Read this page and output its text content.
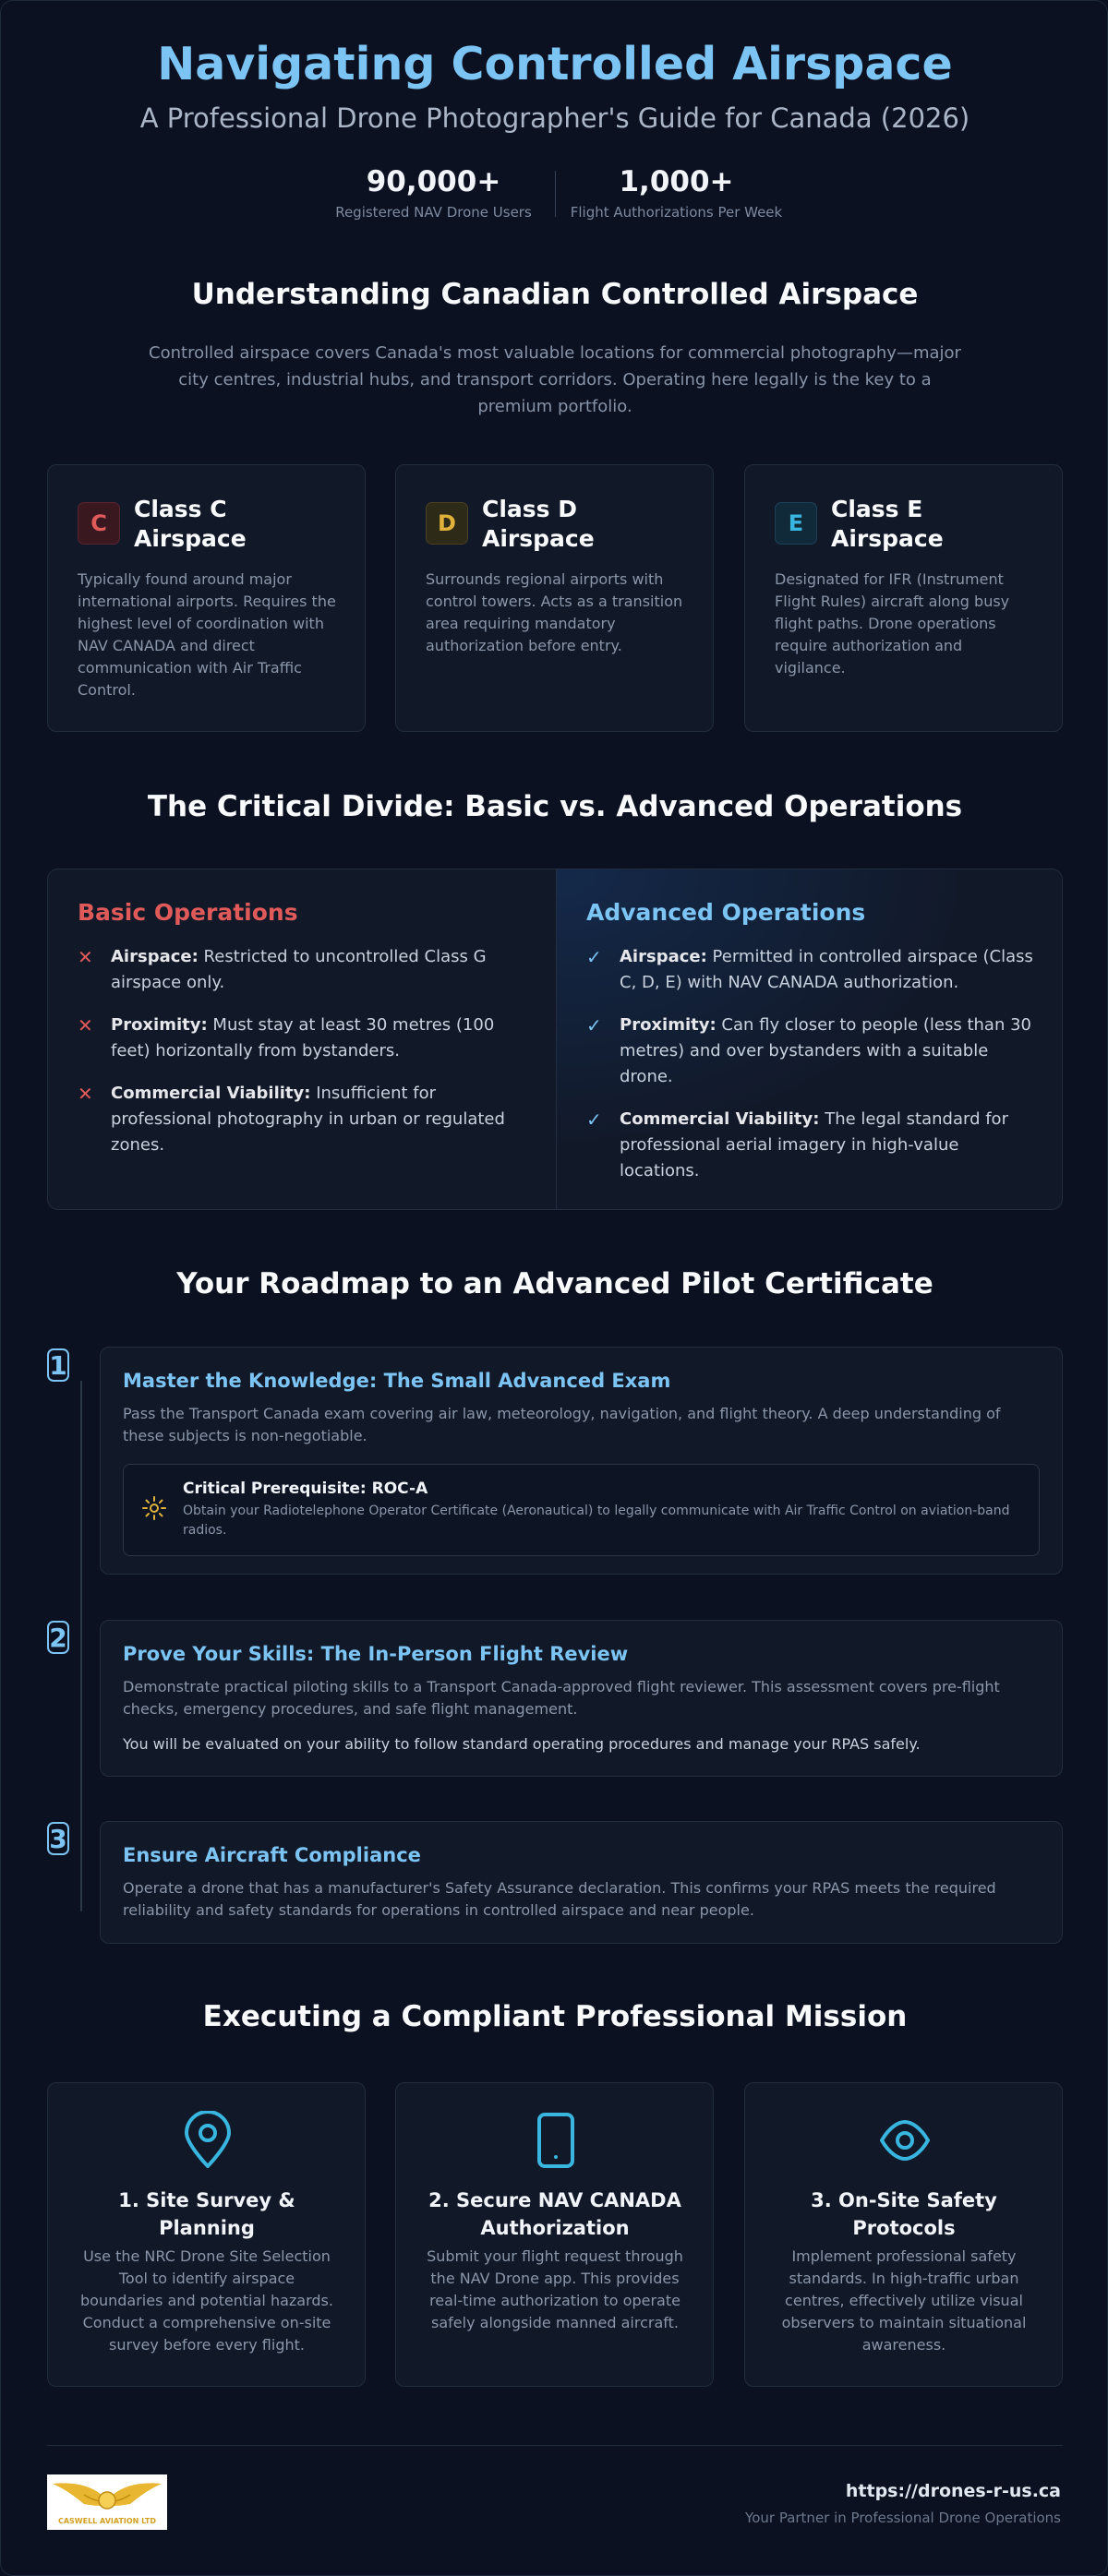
Navigating Controlled Airspace
A Professional Drone Photographer's Guide for Canada (2026)
90,000+
Registered NAV Drone Users
1,000+
Flight Authorizations Per Week
Understanding Canadian Controlled Airspace
Controlled airspace covers Canada's most valuable locations for commercial photography—major city centres, industrial hubs, and transport corridors. Operating here legally is the key to a premium portfolio.
C
Class C Airspace
Typically found around major international airports. Requires the highest level of coordination with NAV CANADA and direct communication with Air Traffic Control.
D
Class D Airspace
Surrounds regional airports with control towers. Acts as a transition area requiring mandatory authorization before entry.
E
Class E Airspace
Designated for IFR (Instrument Flight Rules) aircraft along busy flight paths. Drone operations require authorization and vigilance.
The Critical Divide: Basic vs. Advanced Operations
Basic Operations
✕	Airspace: Restricted to uncontrolled Class G airspace only.
✕	Proximity: Must stay at least 30 metres (100 feet) horizontally from bystanders.
✕	Commercial Viability: Insufficient for professional photography in urban or regulated zones.
Advanced Operations
✓	Airspace: Permitted in controlled airspace (Class C, D, E) with NAV CANADA authorization.
✓	Proximity: Can fly closer to people (less than 30 metres) and over bystanders with a suitable drone.
✓	Commercial Viability: The legal standard for professional aerial imagery in high-value locations.
Your Roadmap to an Advanced Pilot Certificate
1
Master the Knowledge: The Small Advanced Exam
Pass the Transport Canada exam covering air law, meteorology, navigation, and flight theory. A deep understanding of these subjects is non-negotiable.
Critical Prerequisite: ROC-A
Obtain your Radiotelephone Operator Certificate (Aeronautical) to legally communicate with Air Traffic Control on aviation-band radios.
2
Prove Your Skills: The In-Person Flight Review
Demonstrate practical piloting skills to a Transport Canada-approved flight reviewer. This assessment covers pre-flight checks, emergency procedures, and safe flight management.
You will be evaluated on your ability to follow standard operating procedures and manage your RPAS safely.
3
Ensure Aircraft Compliance
Operate a drone that has a manufacturer's Safety Assurance declaration. This confirms your RPAS meets the required reliability and safety standards for operations in controlled airspace and near people.
Executing a Compliant Professional Mission
1. Site Survey & Planning
Use the NRC Drone Site Selection Tool to identify airspace boundaries and potential hazards. Conduct a comprehensive on-site survey before every flight.
2. Secure NAV CANADA Authorization
Submit your flight request through the NAV Drone app. This provides real-time authorization to operate safely alongside manned aircraft.
3. On-Site Safety Protocols
Implement professional safety standards. In high-traffic urban centres, effectively utilize visual observers to maintain situational awareness.
CASWELL AVIATION LTD
https://drones-r-us.ca
Your Partner in Professional Drone Operations
